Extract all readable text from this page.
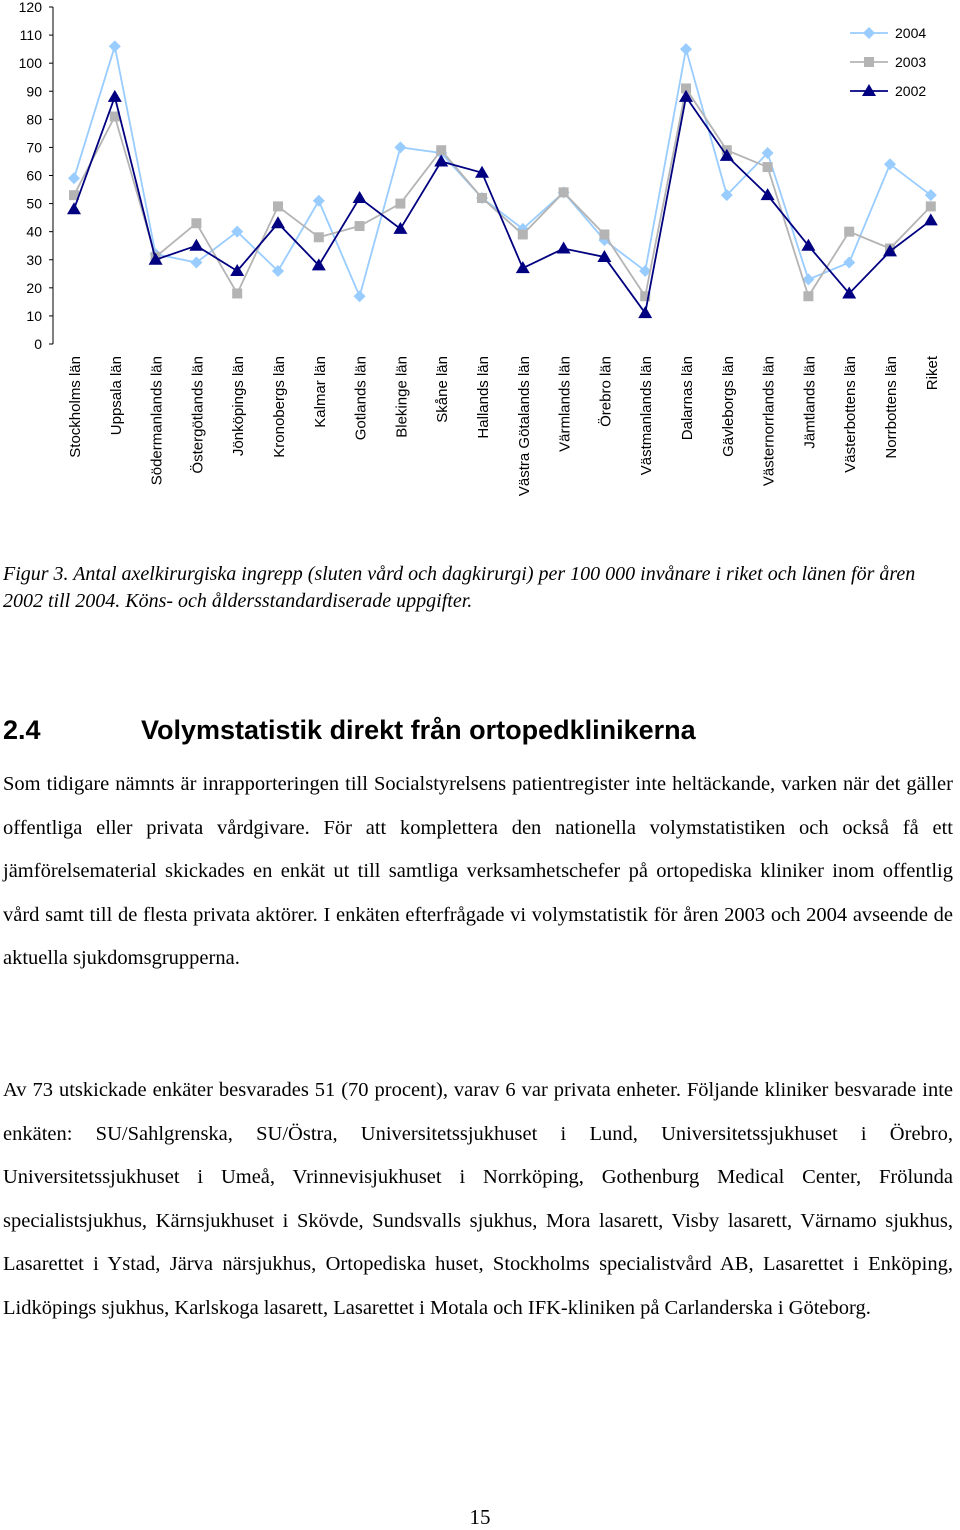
0
10
20
30
40
50
60
70
80
90
100
110
120
Stockholms län Uppsala län Södermanlands län Östergötlands län Jönköpings län Kronobergs län Kalmar län Gotlands län Blekinge län Skåne län Hallands län Västra Götalands län Värmlands län Örebro län Västmanlands län Dalarnas län Gävleborgs län Västernorrlands län Jämtlands län Västerbottens län Norrbottens län Riket
2004
2003
2002

Figur 3. Antal axelkirurgiska ingrepp (sluten vård och dagkirurgi) per 100 000 invånare i riket och länen för åren 2002 till 2004. Köns- och åldersstandardiserade uppgifter.

2.4	Volymstatistik direkt från ortopedklinikerna

Som tidigare nämnts är inrapporteringen till Socialstyrelsens patientregister inte heltäckande, varken när det gäller offentliga eller privata vårdgivare. För att komplettera den nationella volymstatistiken och också få ett jämförelsematerial skickades en enkät ut till samtliga verksamhetschefer på ortopediska kliniker inom offentlig vård samt till de flesta privata aktörer. I enkäten efterfrågade vi volymstatistik för åren 2003 och 2004 avseende de aktuella sjukdomsgrupperna.

Av 73 utskickade enkäter besvarades 51 (70 procent), varav 6 var privata enheter. Följande kliniker besvarade inte enkäten: SU/Sahlgrenska, SU/Östra, Universitetssjukhuset i Lund, Universitetssjukhuset i Örebro, Universitetssjukhuset i Umeå, Vrinnevisjukhuset i Norrköping, Gothenburg Medical Center, Frölunda specialistsjukhus, Kärnsjukhuset i Skövde, Sundsvalls sjukhus, Mora lasarett, Visby lasarett, Värnamo sjukhus, Lasarettet i Ystad, Järva närsjukhus, Ortopediska huset, Stockholms specialistvård AB, Lasarettet i Enköping, Lidköpings sjukhus, Karlskoga lasarett, Lasarettet i Motala och IFK-kliniken på Carlanderska i Göteborg.

15
